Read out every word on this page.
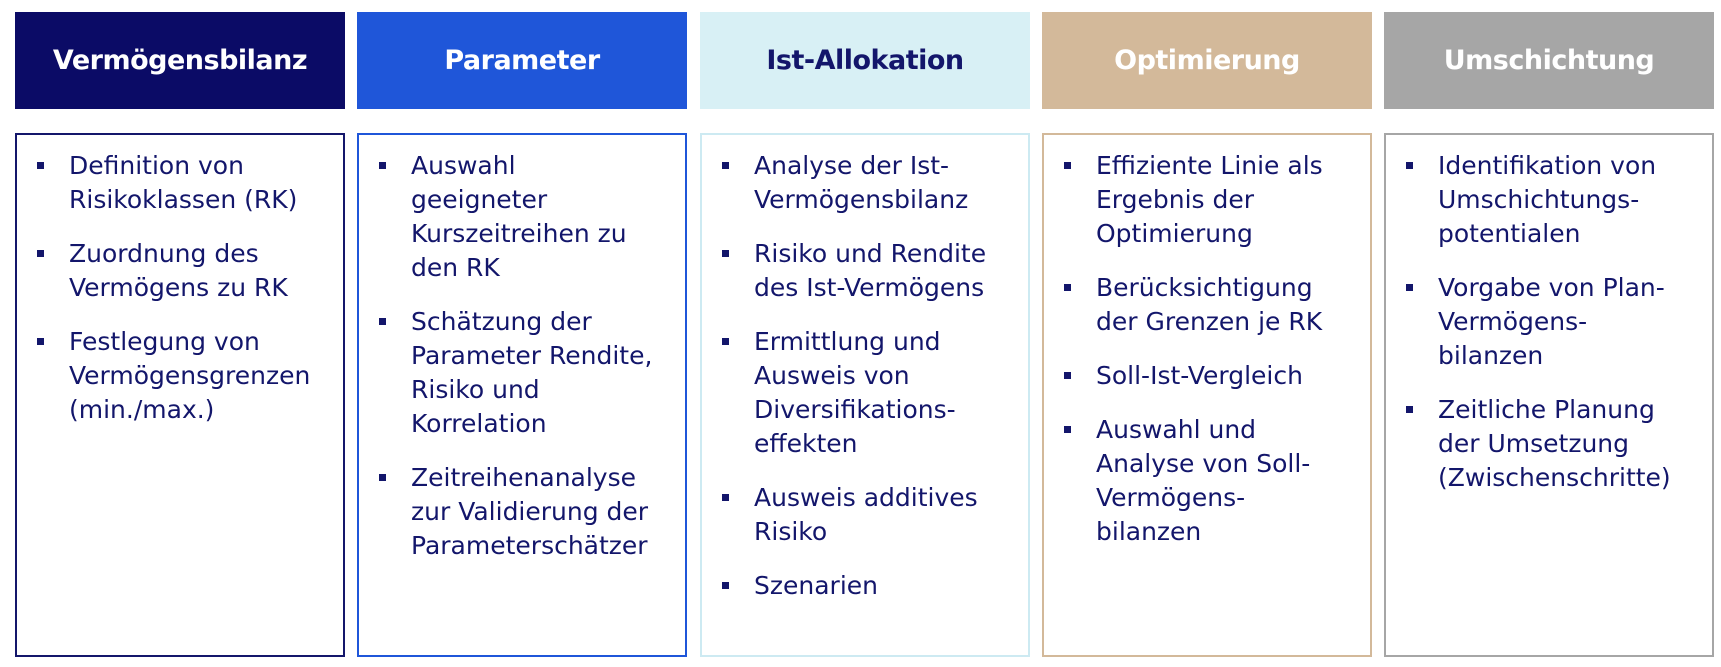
Vermögensbilanz
Definition von
Risikoklassen (RK)
Zuordnung des
Vermögens zu RK
Festlegung von
Vermögensgrenzen
(min./max.)
Parameter
Auswahl
geeigneter
Kurszeitreihen zu
den RK
Schätzung der
Parameter Rendite,
Risiko und
Korrelation
Zeitreihenanalyse
zur Validierung der
Parameterschätzer
Ist-Allokation
Analyse der Ist-
Vermögensbilanz
Risiko und Rendite
des Ist-Vermögens
Ermittlung und
Ausweis von
Diversifikations-
effekten
Ausweis additives
Risiko
Szenarien
Optimierung
Effiziente Linie als
Ergebnis der
Optimierung
Berücksichtigung
der Grenzen je RK
Soll-Ist-Vergleich
Auswahl und
Analyse von Soll-
Vermögens-
bilanzen
Umschichtung
Identifikation von
Umschichtungs-
potentialen
Vorgabe von Plan-
Vermögens-
bilanzen
Zeitliche Planung
der Umsetzung
(Zwischenschritte)
